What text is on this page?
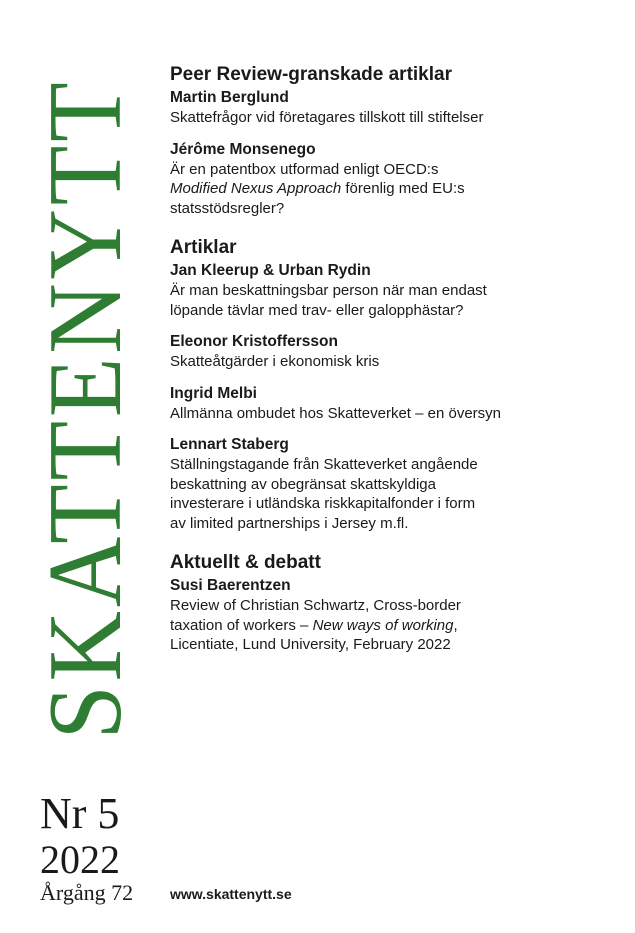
SKATTENYTT
Nr 5
2022
Årgång 72
Peer Review-granskade artiklar
Martin Berglund
Skattefrågor vid företagares tillskott till stiftelser
Jérôme Monsenego
Är en patentbox utformad enligt OECD:s
Modified Nexus Approach förenlig med EU:s
statsstödsregler?
Artiklar
Jan Kleerup & Urban Rydin
Är man beskattningsbar person när man endast
löpande tävlar med trav- eller galopphästar?
Eleonor Kristoffersson
Skatteåtgärder i ekonomisk kris
Ingrid Melbi
Allmänna ombudet hos Skatteverket – en översyn
Lennart Staberg
Ställningstagande från Skatteverket angående
beskattning av obegränsat skattskyldiga
investerare i utländska riskkapitalfonder i form
av limited partnerships i Jersey m.fl.
Aktuellt & debatt
Susi Baerentzen
Review of Christian Schwartz, Cross-border
taxation of workers – New ways of working,
Licentiate, Lund University, February 2022
www.skattenytt.se
